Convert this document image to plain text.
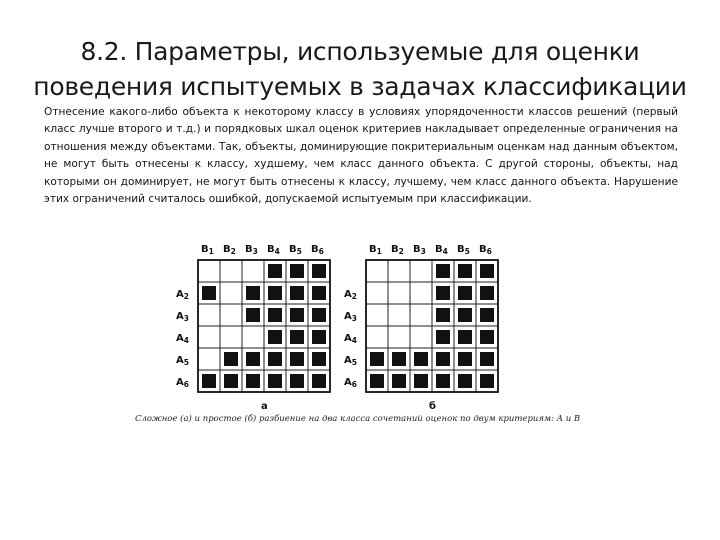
8.2. Параметры, используемые для оценки
поведения испытуемых в задачах классификации
Отнесение какого-либо объекта к некоторому классу в условиях упорядоченности классов решений (первый класс лучше второго и т.д.) и порядковых шкал оценок критериев накладывает определенные ограничения на отношения между объектами. Так, объекты, доминирующие покритериальным оценкам над данным объектом, не могут быть отнесены к классу, худшему, чем класс данного объекта. С другой стороны, объекты, над которыми он доминирует, не могут быть отнесены к классу, лучшему, чем класс данного объекта. Нарушение этих ограничений считалось ошибкой, допускаемой испытуемым при классификации.
$B_1$ $B_2$ $B_3$ $B_4$ $B_5$ $B_6$
$A_2$
$A_3$
$A_4$
$A_5$
$A_6$
а
$B_1$ $B_2$ $B_3$ $B_4$ $B_5$ $B_6$
$A_2$
$A_3$
$A_4$
$A_5$
$A_6$
б
Сложное (а) и простое (б) разбиение на два класса сочетаний оценок по двум критериям: А и В
